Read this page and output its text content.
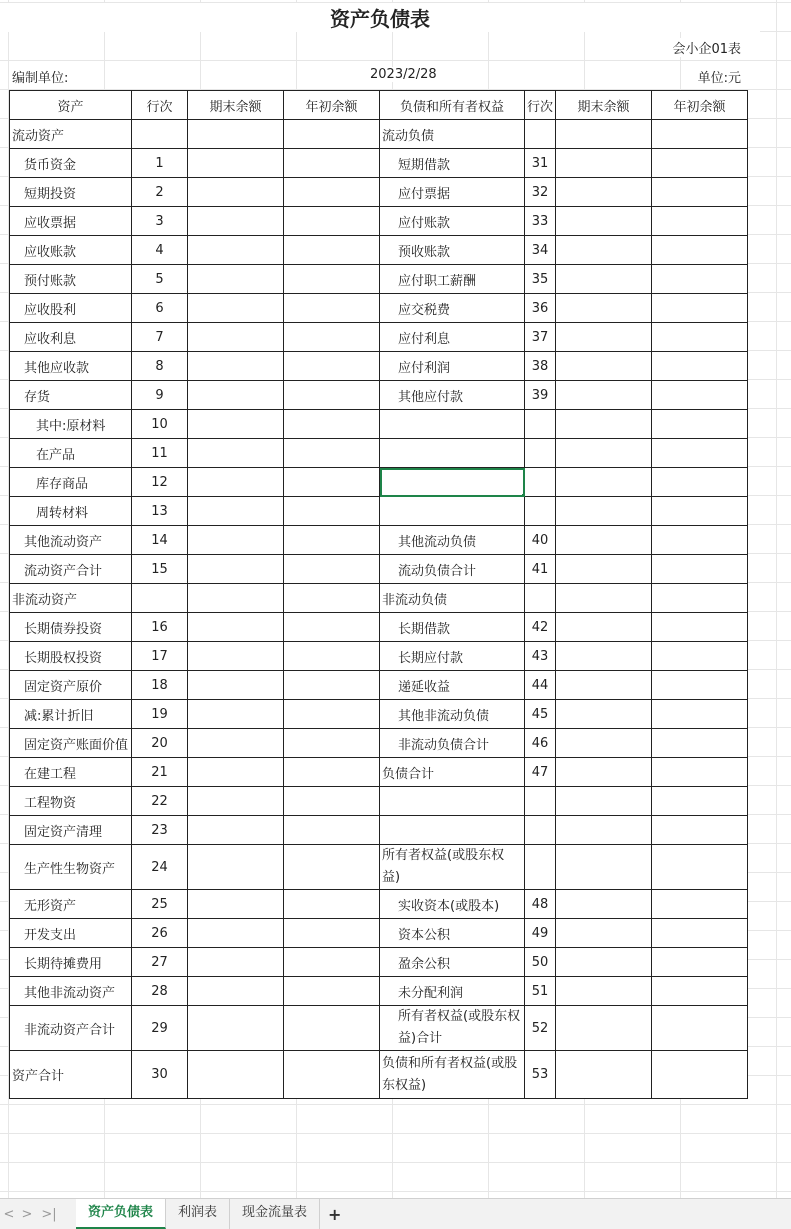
资产负债表
会小企01表
编制单位:	2023/2/28	单位:元
资产	行次	期末余额	年初余额	负债和所有者权益	行次	期末余额	年初余额
流动资产				流动负债			
货币资金	1			短期借款	31		
短期投资	2			应付票据	32		
应收票据	3			应付账款	33		
应收账款	4			预收账款	34		
预付账款	5			应付职工薪酬	35		
应收股利	6			应交税费	36		
应收利息	7			应付利息	37		
其他应收款	8			应付利润	38		
存货	9			其他应付款	39		
其中:原材料	10						
在产品	11						
库存商品	12						
周转材料	13						
其他流动资产	14			其他流动负债	40		
流动资产合计	15			流动负债合计	41		
非流动资产				非流动负债			
长期债券投资	16			长期借款	42		
长期股权投资	17			长期应付款	43		
固定资产原价	18			递延收益	44		
减:累计折旧	19			其他非流动负债	45		
固定资产账面价值	20			非流动负债合计	46		
在建工程	21			负债合计	47		
工程物资	22						
固定资产清理	23						
生产性生物资产	24			所有者权益(或股东权益)			
无形资产	25			实收资本(或股本)	48		
开发支出	26			资本公积	49		
长期待摊费用	27			盈余公积	50		
其他非流动资产	28			未分配利润	51		
非流动资产合计	29			所有者权益(或股东权益)合计	52		
资产合计	30			负债和所有者权益(或股东权益)	53		
< > >|	资产负债表	利润表	现金流量表	+
